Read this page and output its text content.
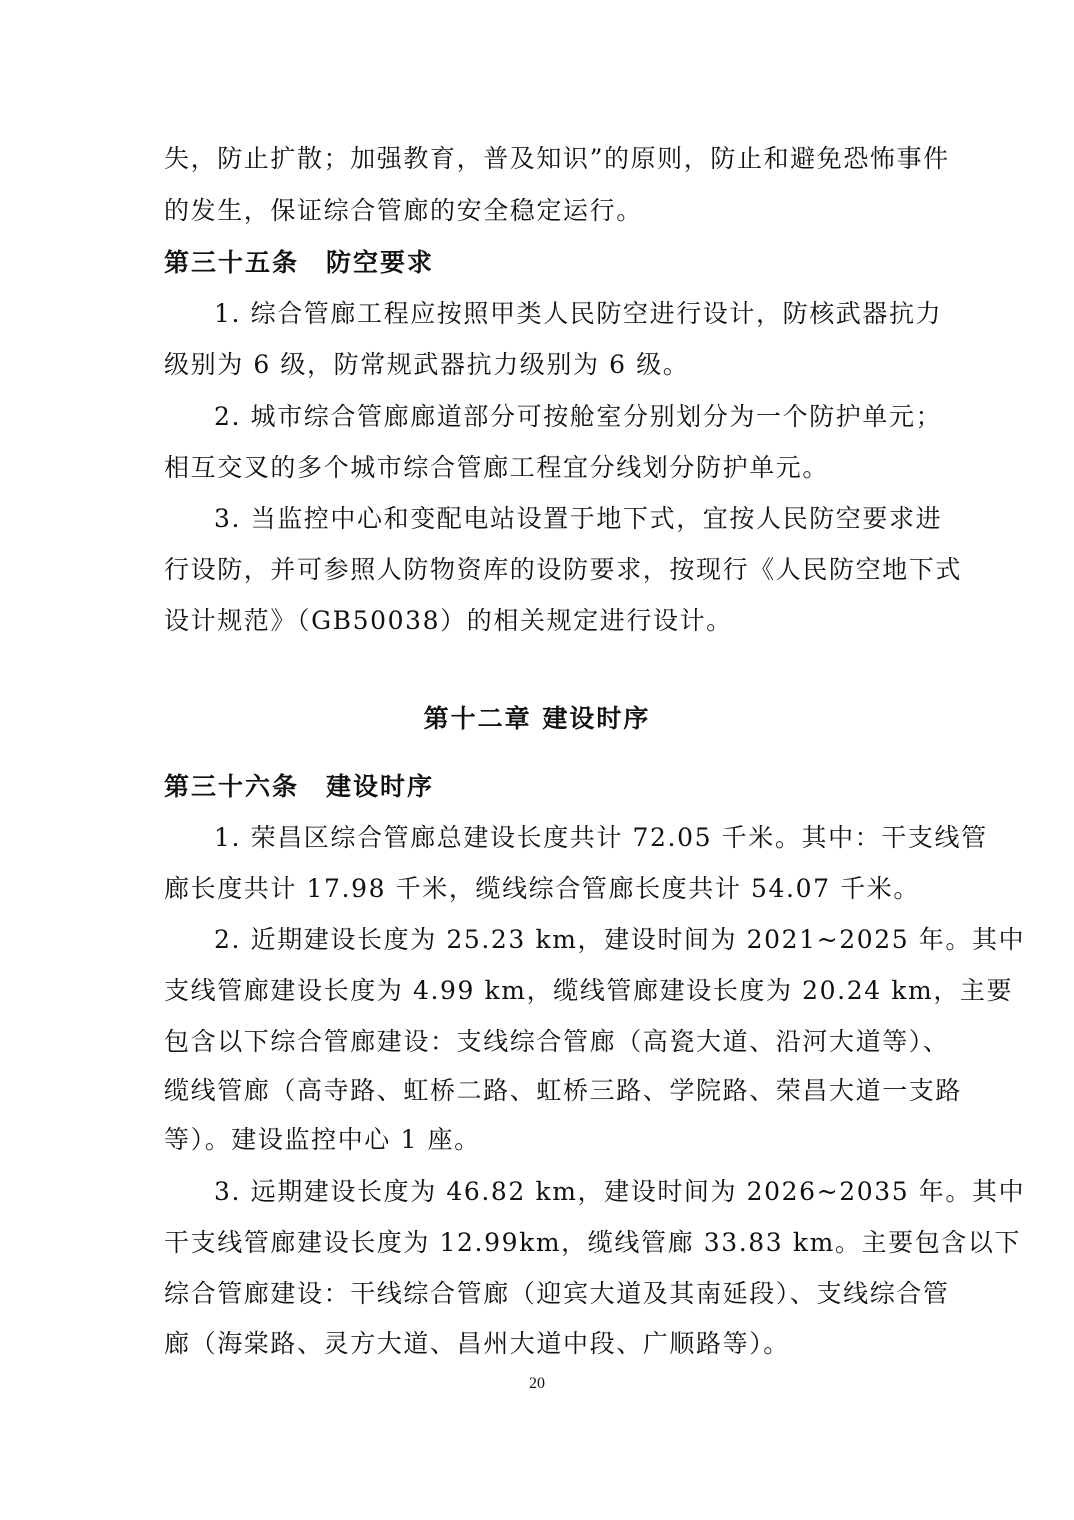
失，防止扩散；加强教育，普及知识”的原则，防止和避免恐怖事件
的发生，保证综合管廊的安全稳定运行。
第三十五条　防空要求
1. 综合管廊工程应按照甲类人民防空进行设计，防核武器抗力
级别为 6 级，防常规武器抗力级别为 6 级。
2. 城市综合管廊廊道部分可按舱室分别划分为一个防护单元；
相互交叉的多个城市综合管廊工程宜分线划分防护单元。
3. 当监控中心和变配电站设置于地下式，宜按人民防空要求进
行设防，并可参照人防物资库的设防要求，按现行《人民防空地下式
设计规范》（GB50038）的相关规定进行设计。
第十二章 建设时序
第三十六条　建设时序
1. 荣昌区综合管廊总建设长度共计 72.05 千米。其中：干支线管
廊长度共计 17.98 千米，缆线综合管廊长度共计 54.07 千米。
2. 近期建设长度为 25.23 km，建设时间为 2021~2025 年。其中
支线管廊建设长度为 4.99 km，缆线管廊建设长度为 20.24 km，主要
包含以下综合管廊建设：支线综合管廊（高瓷大道、沿河大道等）、
缆线管廊（高寺路、虹桥二路、虹桥三路、学院路、荣昌大道一支路
等）。建设监控中心 1 座。
3. 远期建设长度为 46.82 km，建设时间为 2026~2035 年。其中
干支线管廊建设长度为 12.99km，缆线管廊 33.83 km。主要包含以下
综合管廊建设：干线综合管廊（迎宾大道及其南延段）、支线综合管
廊（海棠路、灵方大道、昌州大道中段、广顺路等）。
20
